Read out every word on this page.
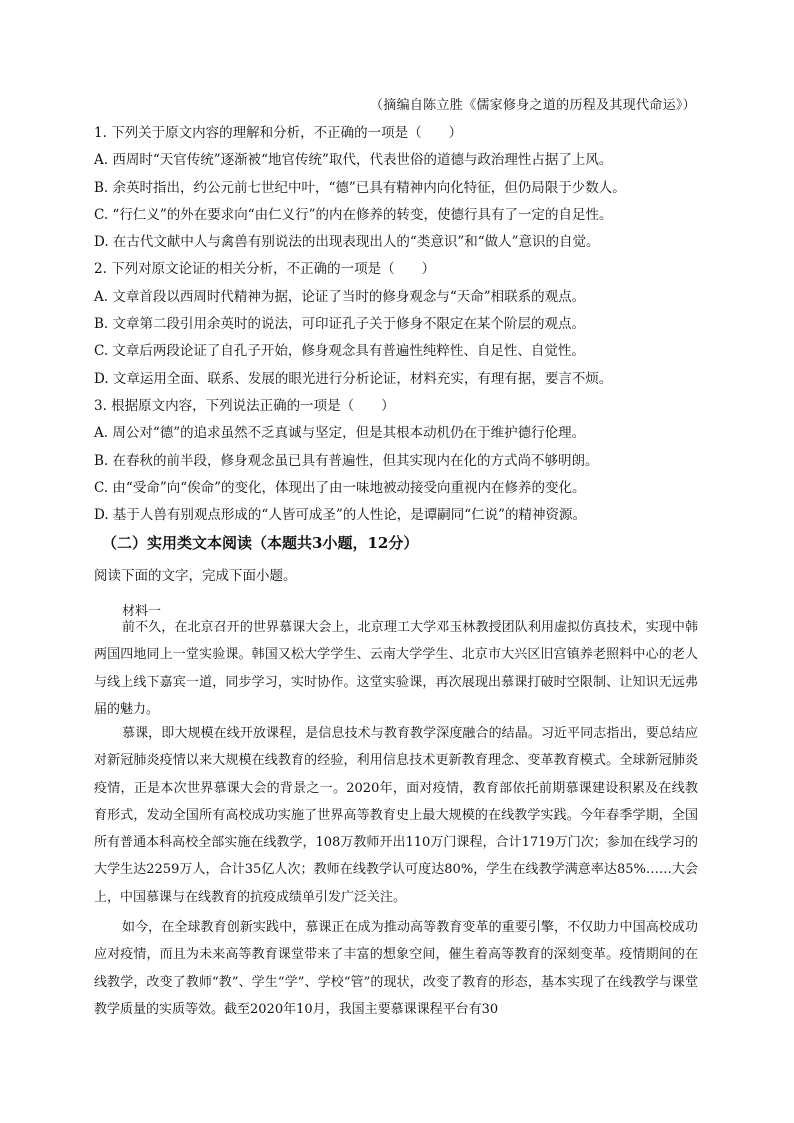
（摘编自陈立胜《儒家修身之道的历程及其现代命运》）
1. 下列关于原文内容的理解和分析，不正确的一项是（　　）
A. 西周时“天官传统”逐渐被“地官传统”取代，代表世俗的道德与政治理性占据了上风。
B. 余英时指出，约公元前七世纪中叶，“德”已具有精神内向化特征，但仍局限于少数人。
C. “行仁义”的外在要求向“由仁义行”的内在修养的转变，使德行具有了一定的自足性。
D. 在古代文献中人与禽兽有别说法的出现表现出人的“类意识”和“做人”意识的自觉。
2. 下列对原文论证的相关分析，不正确的一项是（　　）
A. 文章首段以西周时代精神为据，论证了当时的修身观念与“天命”相联系的观点。
B. 文章第二段引用余英时的说法，可印证孔子关于修身不限定在某个阶层的观点。
C. 文章后两段论证了自孔子开始，修身观念具有普遍性纯粹性、自足性、自觉性。
D. 文章运用全面、联系、发展的眼光进行分析论证，材料充实，有理有据，要言不烦。
3. 根据原文内容，下列说法正确的一项是（　　）
A. 周公对“德”的追求虽然不乏真诚与坚定，但是其根本动机仍在于维护德行伦理。
B. 在春秋的前半段，修身观念虽已具有普遍性，但其实现内在化的方式尚不够明朗。
C. 由“受命”向“俟命”的变化，体现出了由一味地被动接受向重视内在修养的变化。
D. 基于人兽有别观点形成的“人皆可成圣”的人性论，是谭嗣同“仁说”的精神资源。
（二）实用类文本阅读（本题共3小题，12分）
阅读下面的文字，完成下面小题。
材料一

前不久，在北京召开的世界慕课大会上，北京理工大学邓玉林教授团队利用虚拟仿真技术，实现中韩两国四地同上一堂实验课。韩国又松大学学生、云南大学学生、北京市大兴区旧宫镇养老照料中心的老人与线上线下嘉宾一道，同步学习，实时协作。这堂实验课，再次展现出慕课打破时空限制、让知识无远弗届的魅力。

慕课，即大规模在线开放课程，是信息技术与教育教学深度融合的结晶。习近平同志指出，要总结应对新冠肺炎疫情以来大规模在线教育的经验，利用信息技术更新教育理念、变革教育模式。全球新冠肺炎疫情，正是本次世界慕课大会的背景之一。2020年，面对疫情，教育部依托前期慕课建设积累及在线教育形式，发动全国所有高校成功实施了世界高等教育史上最大规模的在线教学实践。今年春季学期，全国所有普通本科高校全部实施在线教学，108万教师开出110万门课程，合计1719万门次；参加在线学习的大学生达2259万人，合计35亿人次；教师在线教学认可度达80%，学生在线教学满意率达85%……大会上，中国慕课与在线教育的抗疫成绩单引发广泛关注。

如今，在全球教育创新实践中，慕课正在成为推动高等教育变革的重要引擎，不仅助力中国高校成功应对疫情，而且为未来高等教育课堂带来了丰富的想象空间，催生着高等教育的深刻变革。疫情期间的在线教学，改变了教师“教”、学生“学”、学校“管”的现状，改变了教育的形态，基本实现了在线教学与课堂教学质量的实质等效。截至2020年10月，我国主要慕课课程平台有30
